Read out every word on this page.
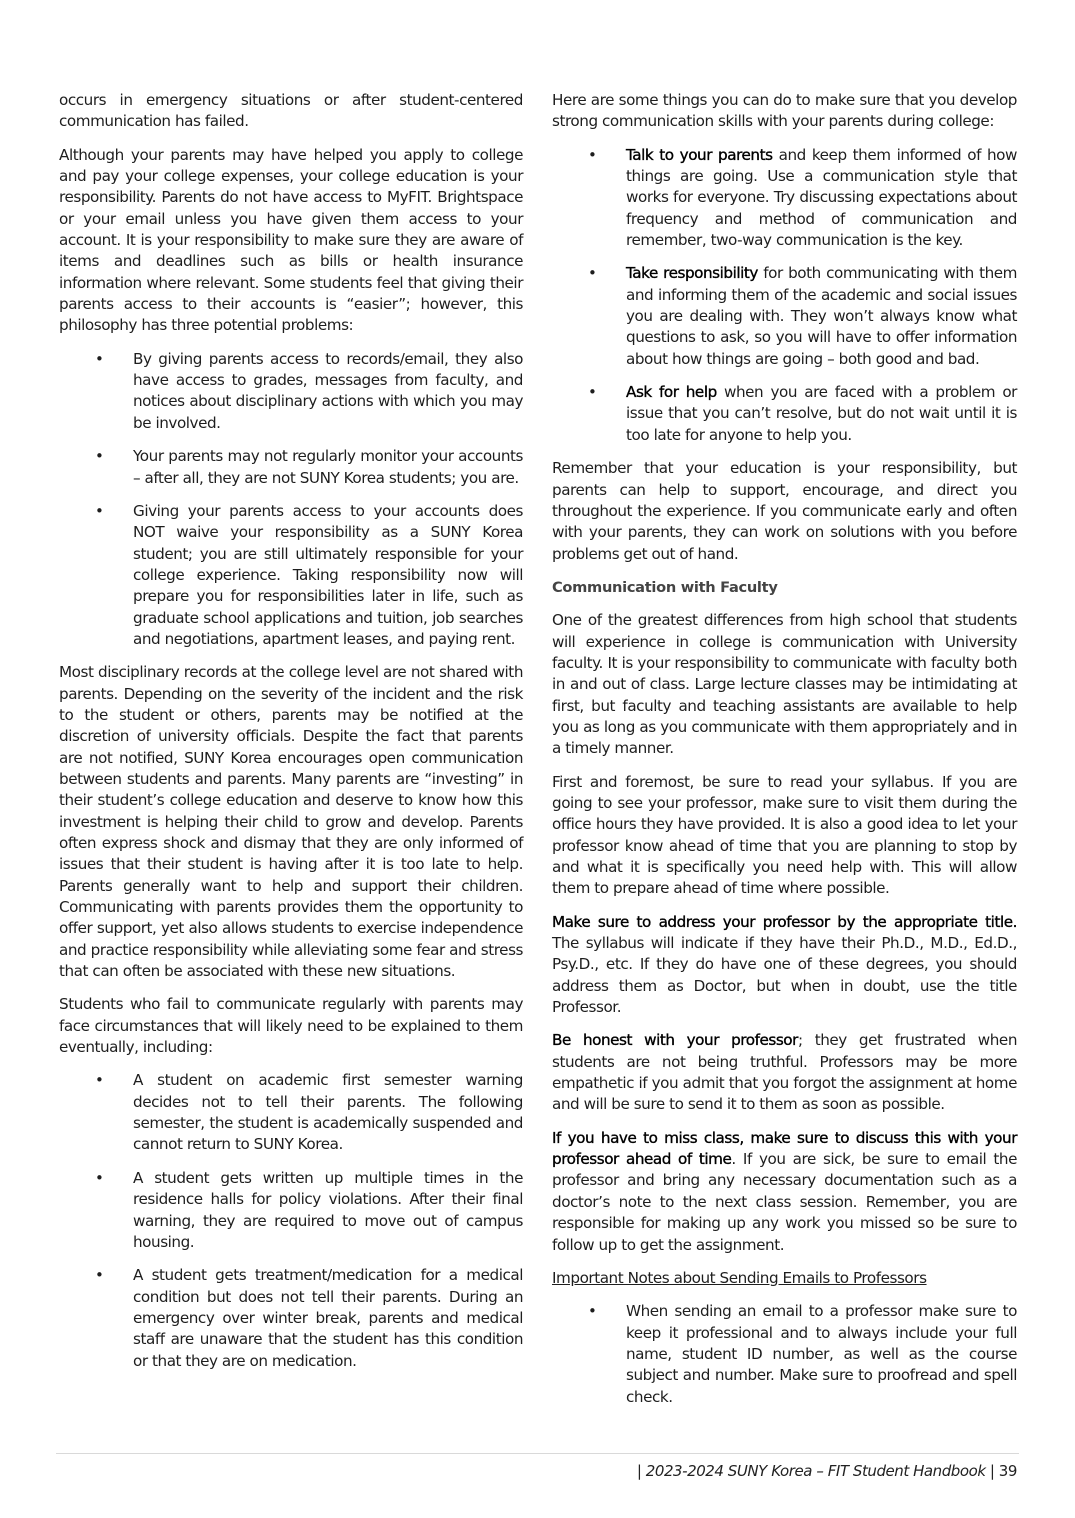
occurs in emergency situations or after student-centered communication has failed.

Although your parents may have helped you apply to college and pay your college expenses, your college education is your responsibility. Parents do not have access to MyFIT. Brightspace or your email unless you have given them access to your account. It is your responsibility to make sure they are aware of items and deadlines such as bills or health insurance information where relevant. Some students feel that giving their parents access to their accounts is “easier”; however, this philosophy has three potential problems:

• By giving parents access to records/email, they also have access to grades, messages from faculty, and notices about disciplinary actions with which you may be involved.
• Your parents may not regularly monitor your accounts – after all, they are not SUNY Korea students; you are.
• Giving your parents access to your accounts does NOT waive your responsibility as a SUNY Korea student; you are still ultimately responsible for your college experience. Taking responsibility now will prepare you for responsibilities later in life, such as graduate school applications and tuition, job searches and negotiations, apartment leases, and paying rent.

Most disciplinary records at the college level are not shared with parents. Depending on the severity of the incident and the risk to the student or others, parents may be notified at the discretion of university officials. Despite the fact that parents are not notified, SUNY Korea encourages open communication between students and parents. Many parents are “investing” in their student’s college education and deserve to know how this investment is helping their child to grow and develop. Parents often express shock and dismay that they are only informed of issues that their student is having after it is too late to help. Parents generally want to help and support their children. Communicating with parents provides them the opportunity to offer support, yet also allows students to exercise independence and practice responsibility while alleviating some fear and stress that can often be associated with these new situations.

Students who fail to communicate regularly with parents may face circumstances that will likely need to be explained to them eventually, including:

• A student on academic first semester warning decides not to tell their parents. The following semester, the student is academically suspended and cannot return to SUNY Korea.
• A student gets written up multiple times in the residence halls for policy violations. After their final warning, they are required to move out of campus housing.
• A student gets treatment/medication for a medical condition but does not tell their parents. During an emergency over winter break, parents and medical staff are unaware that the student has this condition or that they are on medication.

Here are some things you can do to make sure that you develop strong communication skills with your parents during college:

• Talk to your parents and keep them informed of how things are going. Use a communication style that works for everyone. Try discussing expectations about frequency and method of communication and remember, two-way communication is the key.
• Take responsibility for both communicating with them and informing them of the academic and social issues you are dealing with. They won’t always know what questions to ask, so you will have to offer information about how things are going – both good and bad.
• Ask for help when you are faced with a problem or issue that you can’t resolve, but do not wait until it is too late for anyone to help you.

Remember that your education is your responsibility, but parents can help to support, encourage, and direct you throughout the experience. If you communicate early and often with your parents, they can work on solutions with you before problems get out of hand.

Communication with Faculty

One of the greatest differences from high school that students will experience in college is communication with University faculty. It is your responsibility to communicate with faculty both in and out of class. Large lecture classes may be intimidating at first, but faculty and teaching assistants are available to help you as long as you communicate with them appropriately and in a timely manner.

First and foremost, be sure to read your syllabus. If you are going to see your professor, make sure to visit them during the office hours they have provided. It is also a good idea to let your professor know ahead of time that you are planning to stop by and what it is specifically you need help with. This will allow them to prepare ahead of time where possible.

Make sure to address your professor by the appropriate title. The syllabus will indicate if they have their Ph.D., M.D., Ed.D., Psy.D., etc. If they do have one of these degrees, you should address them as Doctor, but when in doubt, use the title Professor.

Be honest with your professor; they get frustrated when students are not being truthful. Professors may be more empathetic if you admit that you forgot the assignment at home and will be sure to send it to them as soon as possible.

If you have to miss class, make sure to discuss this with your professor ahead of time. If you are sick, be sure to email the professor and bring any necessary documentation such as a doctor’s note to the next class session. Remember, you are responsible for making up any work you missed so be sure to follow up to get the assignment.

Important Notes about Sending Emails to Professors
• When sending an email to a professor make sure to keep it professional and to always include your full name, student ID number, as well as the course subject and number. Make sure to proofread and spell check.
| 2023-2024 SUNY Korea – FIT Student Handbook | 39
